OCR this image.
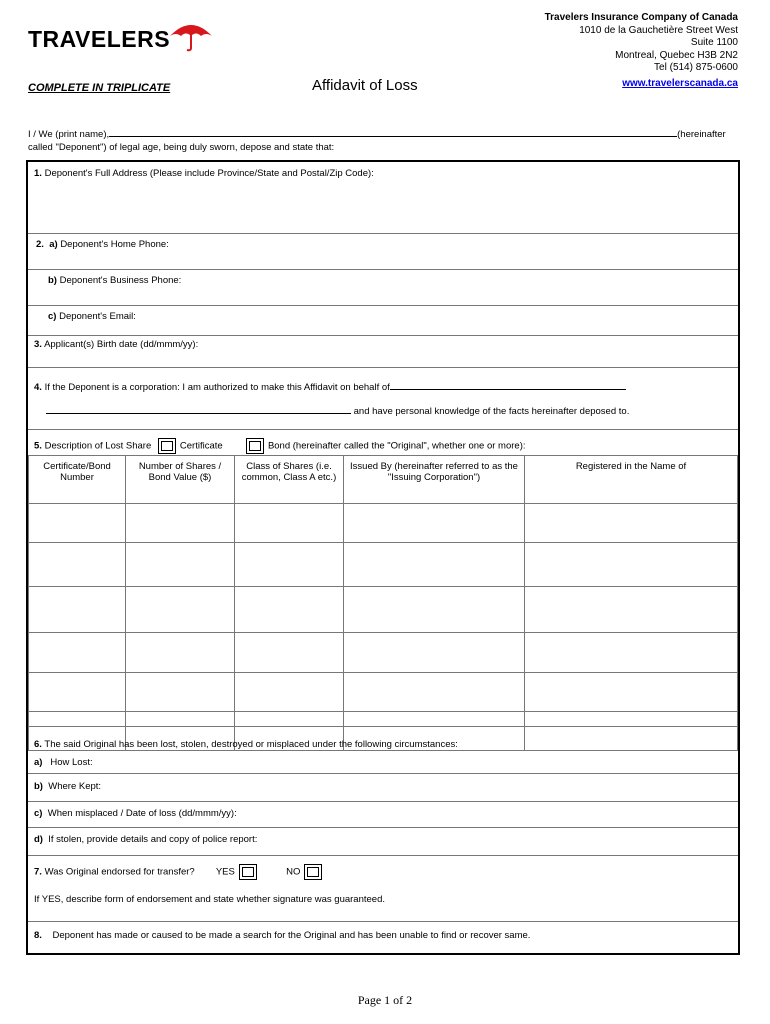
TRAVELERS
Travelers Insurance Company of Canada
1010 de la Gauchetière Street West
Suite 1100
Montreal, Quebec H3B 2N2
Tel (514) 875-0600
www.travelerscanada.ca
COMPLETE IN TRIPLICATE	Affidavit of Loss
I / We (print name),	(hereinafter
called "Deponent") of legal age, being duly sworn, depose and state that:
1. Deponent's Full Address (Please include Province/State and Postal/Zip Code):
2. a) Deponent's Home Phone:
b) Deponent's Business Phone:
c) Deponent's Email:
3. Applicant(s) Birth date (dd/mmm/yy):
4. If the Deponent is a corporation: I am authorized to make this Affidavit on behalf of
and have personal knowledge of the facts hereinafter deposed to.
5. Description of Lost Share	Certificate	Bond (hereinafter called the "Original", whether one or more):
Certificate/Bond Number	Number of Shares / Bond Value ($)	Class of Shares (i.e. common, Class A etc.)	Issued By (hereinafter referred to as the "Issuing Corporation")	Registered in the Name of

6. The said Original has been lost, stolen, destroyed or misplaced under the following circumstances:
a) How Lost:
b) Where Kept:
c) When misplaced / Date of loss (dd/mmm/yy):
d) If stolen, provide details and copy of police report:
7. Was Original endorsed for transfer? YES	NO
If YES, describe form of endorsement and state whether signature was guaranteed.
8. Deponent has made or caused to be made a search for the Original and has been unable to find or recover same.
Page 1 of 2
